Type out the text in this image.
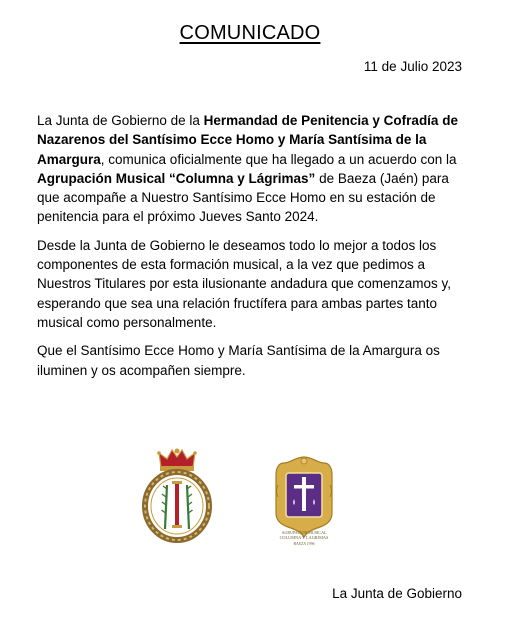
COMUNICADO
11 de Julio 2023

La Junta de Gobierno de la Hermandad de Penitencia y Cofradía de Nazarenos del Santísimo Ecce Homo y María Santísima de la Amargura, comunica oficialmente que ha llegado a un acuerdo con la Agrupación Musical “Columna y Lágrimas” de Baeza (Jaén) para que acompañe a Nuestro Santísimo Ecce Homo en su estación de penitencia para el próximo Jueves Santo 2024.

Desde la Junta de Gobierno le deseamos todo lo mejor a todos los componentes de esta formación musical, a la vez que pedimos a Nuestros Titulares por esta ilusionante andadura que comenzamos y, esperando que sea una relación fructífera para ambas partes tanto musical como personalmente.

Que el Santísimo Ecce Homo y María Santísima de la Amargura os iluminen y os acompañen siempre.

AGRUPACION MUSICAL
COLUMNA Y LAGRIMAS
BAEZA 1996
La Junta de Gobierno
